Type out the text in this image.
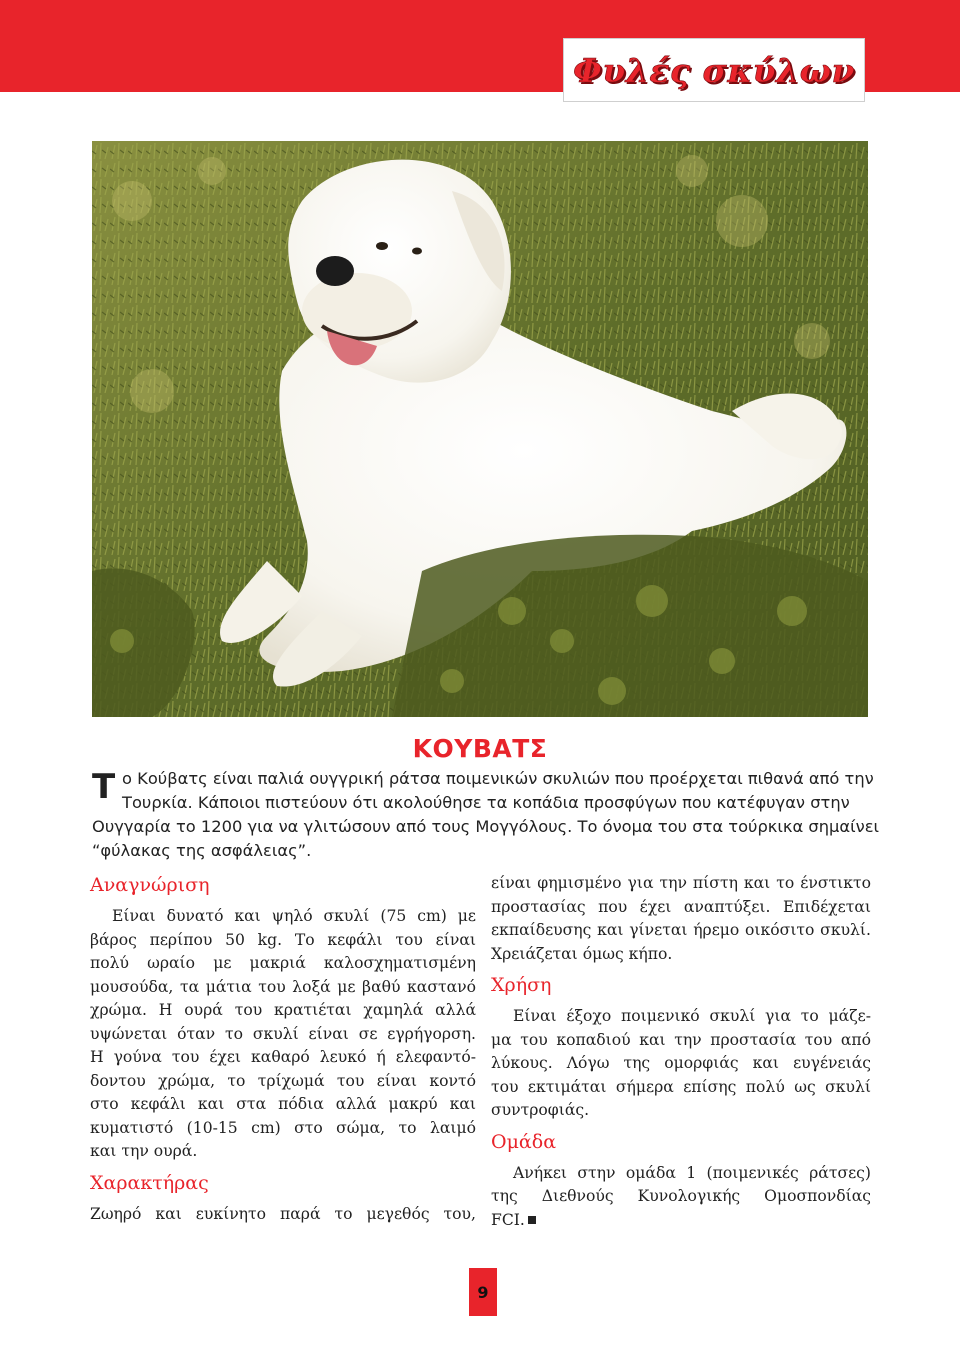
Φυλές σκύλων
ΚΟΥΒΑΤΣ
Τ ο Κούβατς είναι παλιά ουγγρική ράτσα ποιμενικών σκυλιών που προέρχεται πιθανά από την
Τουρκία. Κάποιοι πιστεύουν ότι ακολούθησε τα κοπάδια προσφύγων που κατέφυγαν στην
Ουγγαρία το 1200 για να γλιτώσουν από τους Μογγόλους. Το όνομα του στα τούρκικα σημαίνει
“φύλακας της ασφάλειας”.
Αναγνώριση
Είναι δυνατό και ψηλό σκυλί (75 cm) με
βάρος περίπου 50 kg. Το κεφάλι του είναι
πολύ ωραίο με μακριά καλοσχηματισμένη
μουσούδα, τα μάτια του λοξά με βαθύ καστανό
χρώμα. Η ουρά του κρατιέται χαμηλά αλλά
υψώνεται όταν το σκυλί είναι σε εγρήγορση.
Η γούνα του έχει καθαρό λευκό ή ελεφαντό-
δοντου χρώμα, το τρίχωμά του είναι κοντό
στο κεφάλι και στα πόδια αλλά μακρύ και
κυματιστό (10-15 cm) στο σώμα, το λαιμό
και την ουρά.
Χαρακτήρας
Ζωηρό και ευκίνητο παρά το μεγεθός του,
είναι φημισμένο για την πίστη και το ένστικτο
προστασίας που έχει αναπτύξει. Επιδέχεται
εκπαίδευσης και γίνεται ήρεμο οικόσιτο σκυλί.
Χρειάζεται όμως κήπο.
Χρήση
Είναι έξοχο ποιμενικό σκυλί για το μάζε-
μα του κοπαδιού και την προστασία του από
λύκους. Λόγω της ομορφιάς και ευγένειάς
του εκτιμάται σήμερα επίσης πολύ ως σκυλί
συντροφιάς.
Ομάδα
Ανήκει στην ομάδα 1 (ποιμενικές ράτσες)
της Διεθνούς Κυνολογικής Ομοσπονδίας
FCI.
9
